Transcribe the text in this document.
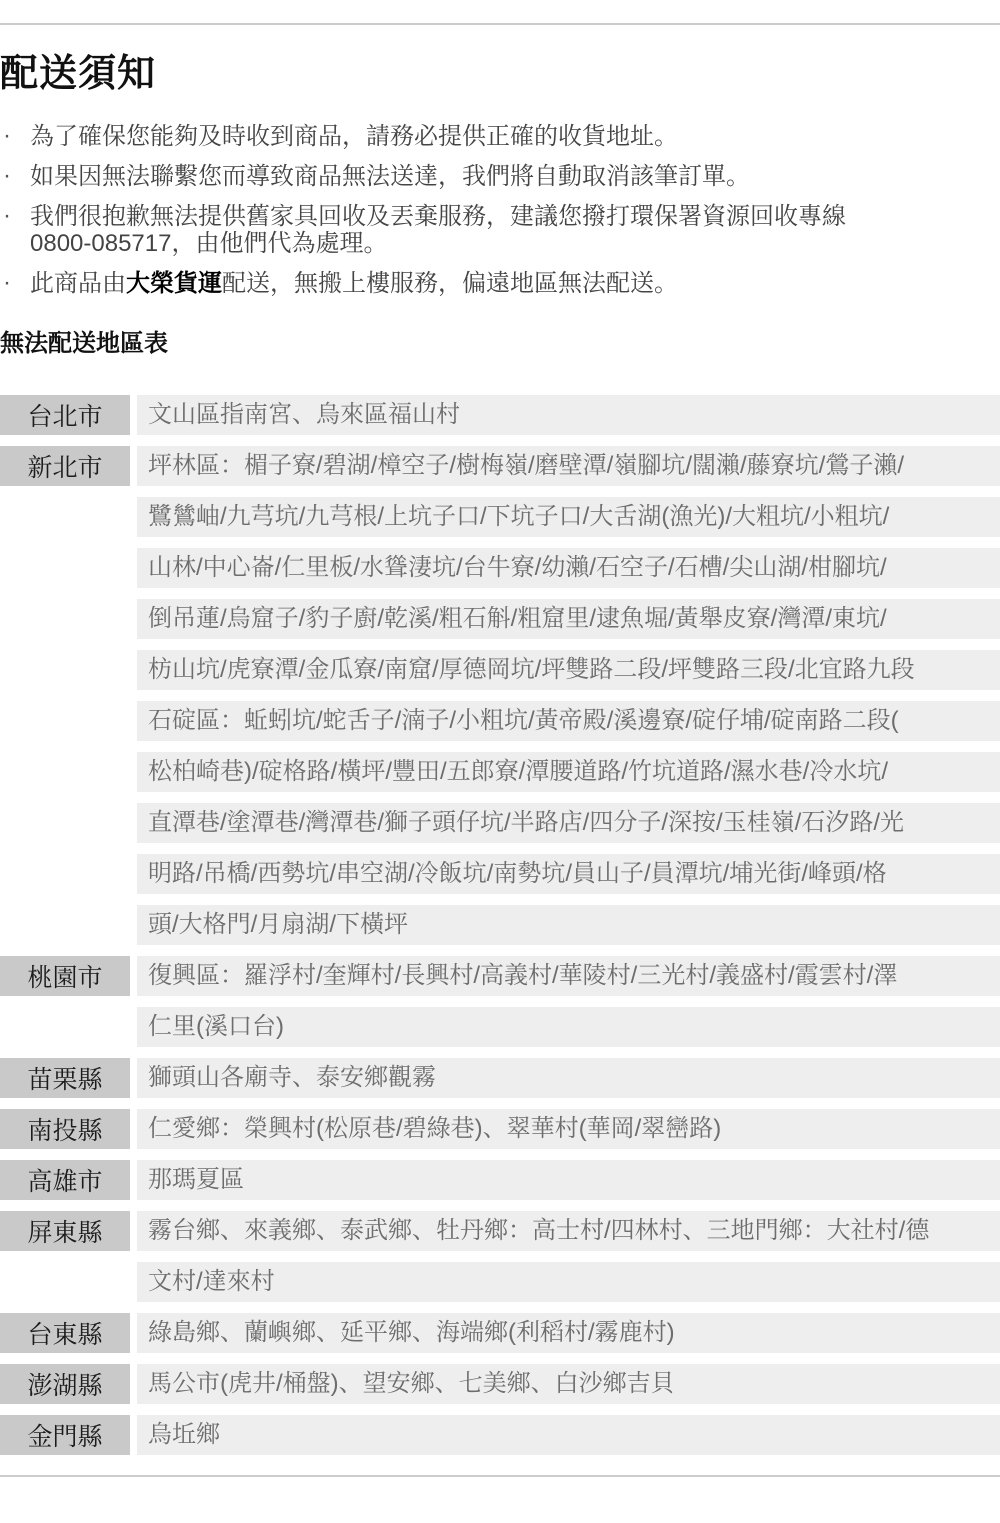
配送須知
· 為了確保您能夠及時收到商品，請務必提供正確的收貨地址。
· 如果因無法聯繫您而導致商品無法送達，我們將自動取消該筆訂單。
· 我們很抱歉無法提供舊家具回收及丟棄服務，建議您撥打環保署資源回收專線
0800-085717，由他們代為處理。
· 此商品由大榮貨運配送，無搬上樓服務，偏遠地區無法配送。
無法配送地區表
台北市	文山區指南宮、烏來區福山村
新北市	坪林區：楣子寮/碧湖/樟空子/樹梅嶺/磨壁潭/嶺腳坑/闊瀨/藤寮坑/鶯子瀨/
鷺鷥岫/九芎坑/九芎根/上坑子口/下坑子口/大舌湖(漁光)/大粗坑/小粗坑/
山林/中心崙/仁里板/水聳淒坑/台牛寮/幼瀨/石空子/石槽/尖山湖/柑腳坑/
倒吊蓮/烏窟子/豹子廚/乾溪/粗石斛/粗窟里/逮魚堀/黃舉皮寮/灣潭/東坑/
枋山坑/虎寮潭/金瓜寮/南窟/厚德岡坑/坪雙路二段/坪雙路三段/北宜路九段
石碇區：蚯蚓坑/蛇舌子/湳子/小粗坑/黃帝殿/溪邊寮/碇仔埔/碇南路二段(
松柏崎巷)/碇格路/橫坪/豐田/五郎寮/潭腰道路/竹坑道路/濕水巷/冷水坑/
直潭巷/塗潭巷/灣潭巷/獅子頭仔坑/半路店/四分子/深按/玉桂嶺/石汐路/光
明路/吊橋/西勢坑/串空湖/冷飯坑/南勢坑/員山子/員潭坑/埔光街/峰頭/格
頭/大格門/月扇湖/下橫坪
桃園市	復興區：羅浮村/奎輝村/長興村/高義村/華陵村/三光村/義盛村/霞雲村/澤
仁里(溪口台)
苗栗縣	獅頭山各廟寺、泰安鄉觀霧
南投縣	仁愛鄉：榮興村(松原巷/碧綠巷)、翠華村(華岡/翠巒路)
高雄市	那瑪夏區
屏東縣	霧台鄉、來義鄉、泰武鄉、牡丹鄉：高士村/四林村、三地門鄉：大社村/德
文村/達來村
台東縣	綠島鄉、蘭嶼鄉、延平鄉、海端鄉(利稻村/霧鹿村)
澎湖縣	馬公市(虎井/桶盤)、望安鄉、七美鄉、白沙鄉吉貝
金門縣	烏坵鄉
